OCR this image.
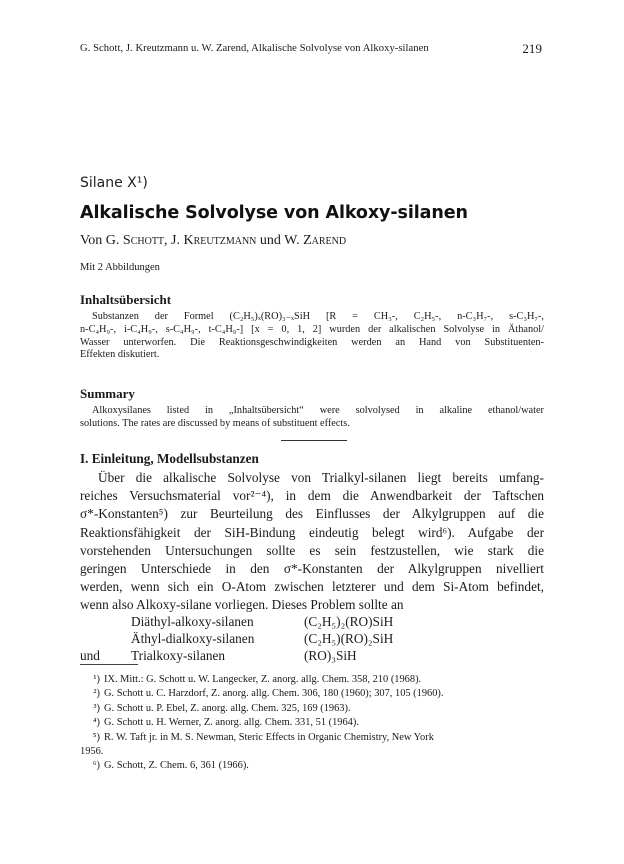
G. Schott, J. Kreutzmann u. W. Zarend, Alkalische Solvolyse von Alkoxy-silanen	219
Silane X¹)
Alkalische Solvolyse von Alkoxy-silanen
Von G. Schott, J. Kreutzmann und W. Zarend
Mit 2 Abbildungen
Inhaltsübersicht
Substanzen der Formel (C₂H₅)ₓ(RO)₃₋ₓSiH [R = CH₃-, C₂H₅-, n-C₃H₇-, s-C₃H₇-,
n-C₄H₉-, i-C₄H₉-, s-C₄H₉-, t-C₄H₉-] [x = 0, 1, 2] wurden der alkalischen Solvolyse in Äthanol/
Wasser unterworfen. Die Reaktionsgeschwindigkeiten werden an Hand von Substituenten-
Effekten diskutiert.
Summary
Alkoxysilanes listed in „Inhaltsübersicht“ were solvolysed in alkaline ethanol/water
solutions. The rates are discussed by means of substituent effects.
I. Einleitung, Modellsubstanzen
Über die alkalische Solvolyse von Trialkyl-silanen liegt bereits umfang-
reiches Versuchsmaterial vor²⁻⁴), in dem die Anwendbarkeit der Taftschen
σ*-Konstanten⁵) zur Beurteilung des Einflusses der Alkylgruppen auf die
Reaktionsfähigkeit der SiH-Bindung eindeutig belegt wird⁶). Aufgabe der
vorstehenden Untersuchungen sollte es sein festzustellen, wie stark die
geringen Unterschiede in den σ*-Konstanten der Alkylgruppen nivelliert
werden, wenn sich ein O-Atom zwischen letzterer und dem Si-Atom befindet,
wenn also Alkoxy-silane vorliegen. Dieses Problem sollte an
Diäthyl-alkoxy-silanen	(C₂H₅)₂(RO)SiH
Äthyl-dialkoxy-silanen	(C₂H₅)(RO)₂SiH
und Trialkoxy-silanen	(RO)₃SiH
¹) IX. Mitt.: G. Schott u. W. Langecker, Z. anorg. allg. Chem. 358, 210 (1968).
²) G. Schott u. C. Harzdorf, Z. anorg. allg. Chem. 306, 180 (1960); 307, 105 (1960).
³) G. Schott u. P. Ebel, Z. anorg. allg. Chem. 325, 169 (1963).
⁴) G. Schott u. H. Werner, Z. anorg. allg. Chem. 331, 51 (1964).
⁵) R. W. Taft jr. in M. S. Newman, Steric Effects in Organic Chemistry, New York
1956.
⁶) G. Schott, Z. Chem. 6, 361 (1966).
